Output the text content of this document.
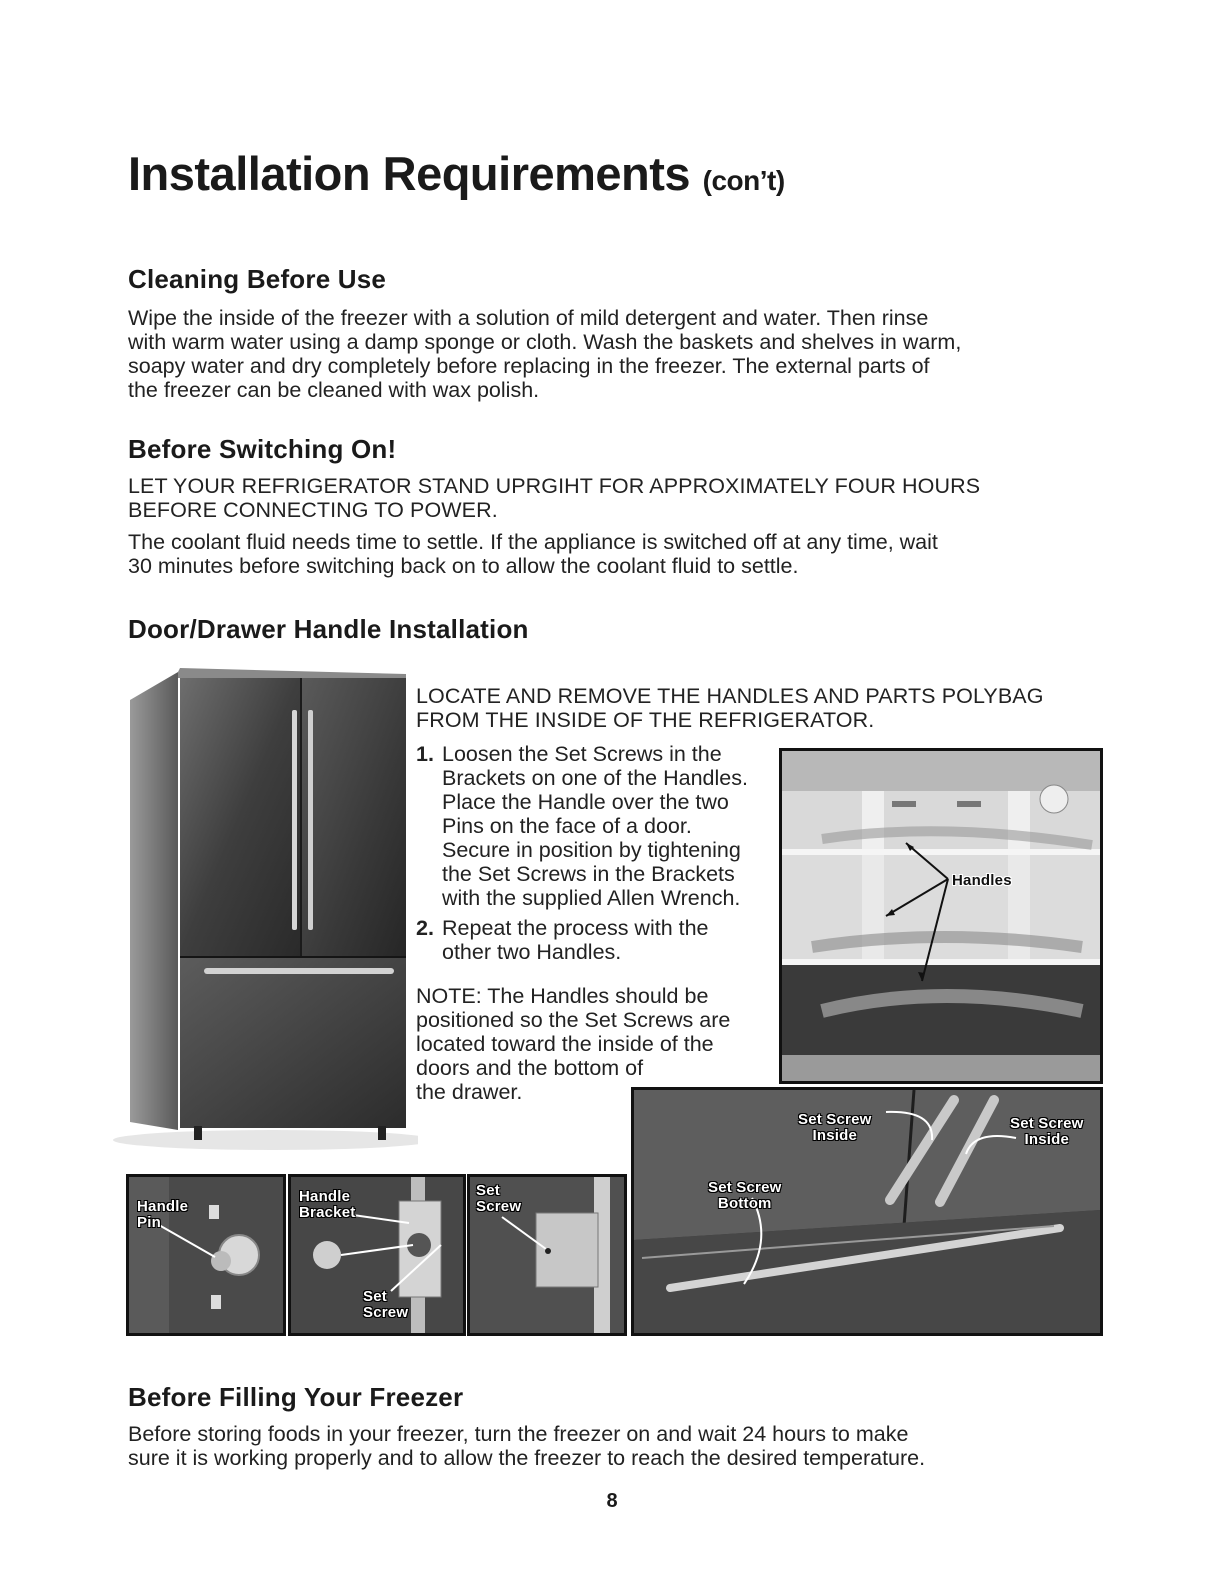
Installation Requirements (con’t)
Cleaning Before Use
Wipe the inside of the freezer with a solution of mild detergent and water. Then rinse
with warm water using a damp sponge or cloth. Wash the baskets and shelves in warm,
soapy water and dry completely before replacing in the freezer. The external parts of
the freezer can be cleaned with wax polish.
Before Switching On!
LET YOUR REFRIGERATOR STAND UPRGIHT FOR APPROXIMATELY FOUR HOURS
BEFORE CONNECTING TO POWER.
The coolant fluid needs time to settle. If the appliance is switched off at any time, wait
30 minutes before switching back on to allow the coolant fluid to settle.
Door/Drawer Handle Installation
LOCATE AND REMOVE THE HANDLES AND PARTS POLYBAG
FROM THE INSIDE OF THE REFRIGERATOR.
1. Loosen the Set Screws in the
Brackets on one of the Handles.
Place the Handle over the two
Pins on the face of a door.
Secure in position by tightening
the Set Screws in the Brackets
with the supplied Allen Wrench.
2. Repeat the process with the
other two Handles.
NOTE: The Handles should be
positioned so the Set Screws are
located toward the inside of the
doors and the bottom of
the drawer.
Handles
Handle
Pin
Handle
Bracket
Set
Screw
Set
Screw
Set Screw
Inside
Set Screw
Inside
Set Screw
Bottom
Before Filling Your Freezer
Before storing foods in your freezer, turn the freezer on and wait 24 hours to make
sure it is working properly and to allow the freezer to reach the desired temperature.
8
